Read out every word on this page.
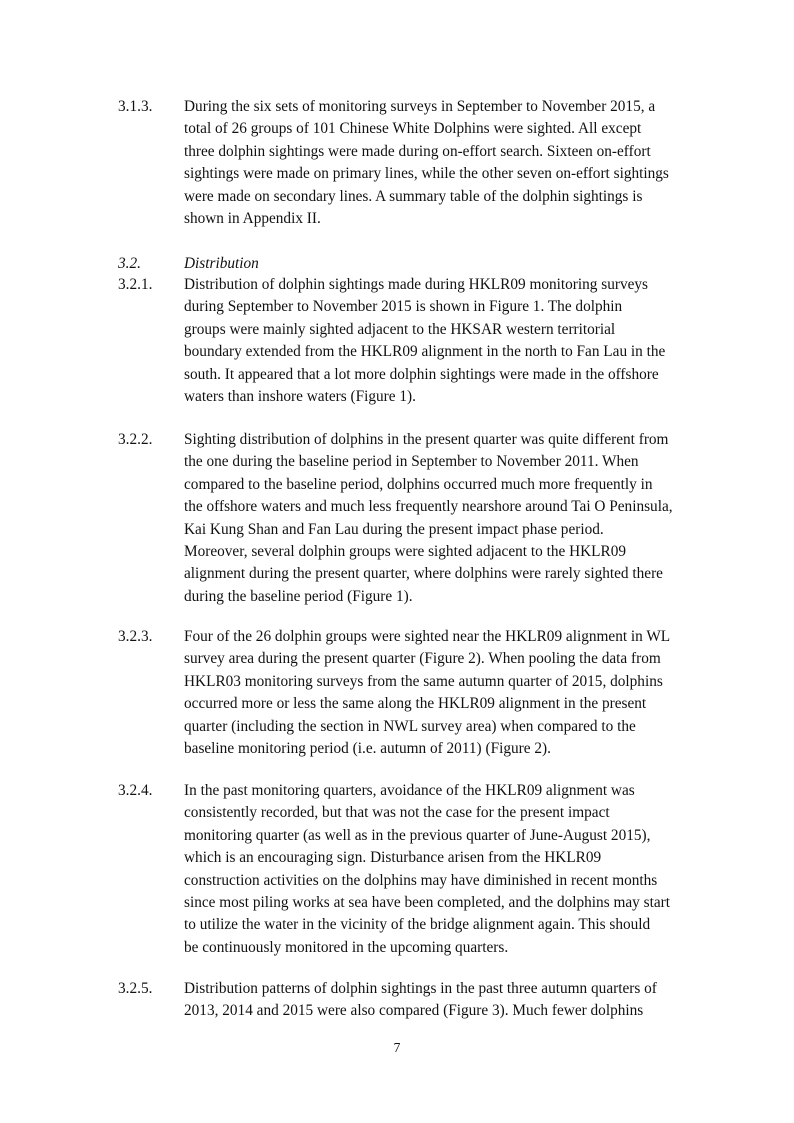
3.1.3.	During the six sets of monitoring surveys in September to November 2015, a
total of 26 groups of 101 Chinese White Dolphins were sighted. All except
three dolphin sightings were made during on-effort search. Sixteen on-effort
sightings were made on primary lines, while the other seven on-effort sightings
were made on secondary lines. A summary table of the dolphin sightings is
shown in Appendix II.
3.2.	Distribution
3.2.1.	Distribution of dolphin sightings made during HKLR09 monitoring surveys
during September to November 2015 is shown in Figure 1. The dolphin
groups were mainly sighted adjacent to the HKSAR western territorial
boundary extended from the HKLR09 alignment in the north to Fan Lau in the
south. It appeared that a lot more dolphin sightings were made in the offshore
waters than inshore waters (Figure 1).
3.2.2.	Sighting distribution of dolphins in the present quarter was quite different from
the one during the baseline period in September to November 2011. When
compared to the baseline period, dolphins occurred much more frequently in
the offshore waters and much less frequently nearshore around Tai O Peninsula,
Kai Kung Shan and Fan Lau during the present impact phase period.
Moreover, several dolphin groups were sighted adjacent to the HKLR09
alignment during the present quarter, where dolphins were rarely sighted there
during the baseline period (Figure 1).
3.2.3.	Four of the 26 dolphin groups were sighted near the HKLR09 alignment in WL
survey area during the present quarter (Figure 2). When pooling the data from
HKLR03 monitoring surveys from the same autumn quarter of 2015, dolphins
occurred more or less the same along the HKLR09 alignment in the present
quarter (including the section in NWL survey area) when compared to the
baseline monitoring period (i.e. autumn of 2011) (Figure 2).
3.2.4.	In the past monitoring quarters, avoidance of the HKLR09 alignment was
consistently recorded, but that was not the case for the present impact
monitoring quarter (as well as in the previous quarter of June-August 2015),
which is an encouraging sign. Disturbance arisen from the HKLR09
construction activities on the dolphins may have diminished in recent months
since most piling works at sea have been completed, and the dolphins may start
to utilize the water in the vicinity of the bridge alignment again. This should
be continuously monitored in the upcoming quarters.
3.2.5.	Distribution patterns of dolphin sightings in the past three autumn quarters of
2013, 2014 and 2015 were also compared (Figure 3). Much fewer dolphins
7
